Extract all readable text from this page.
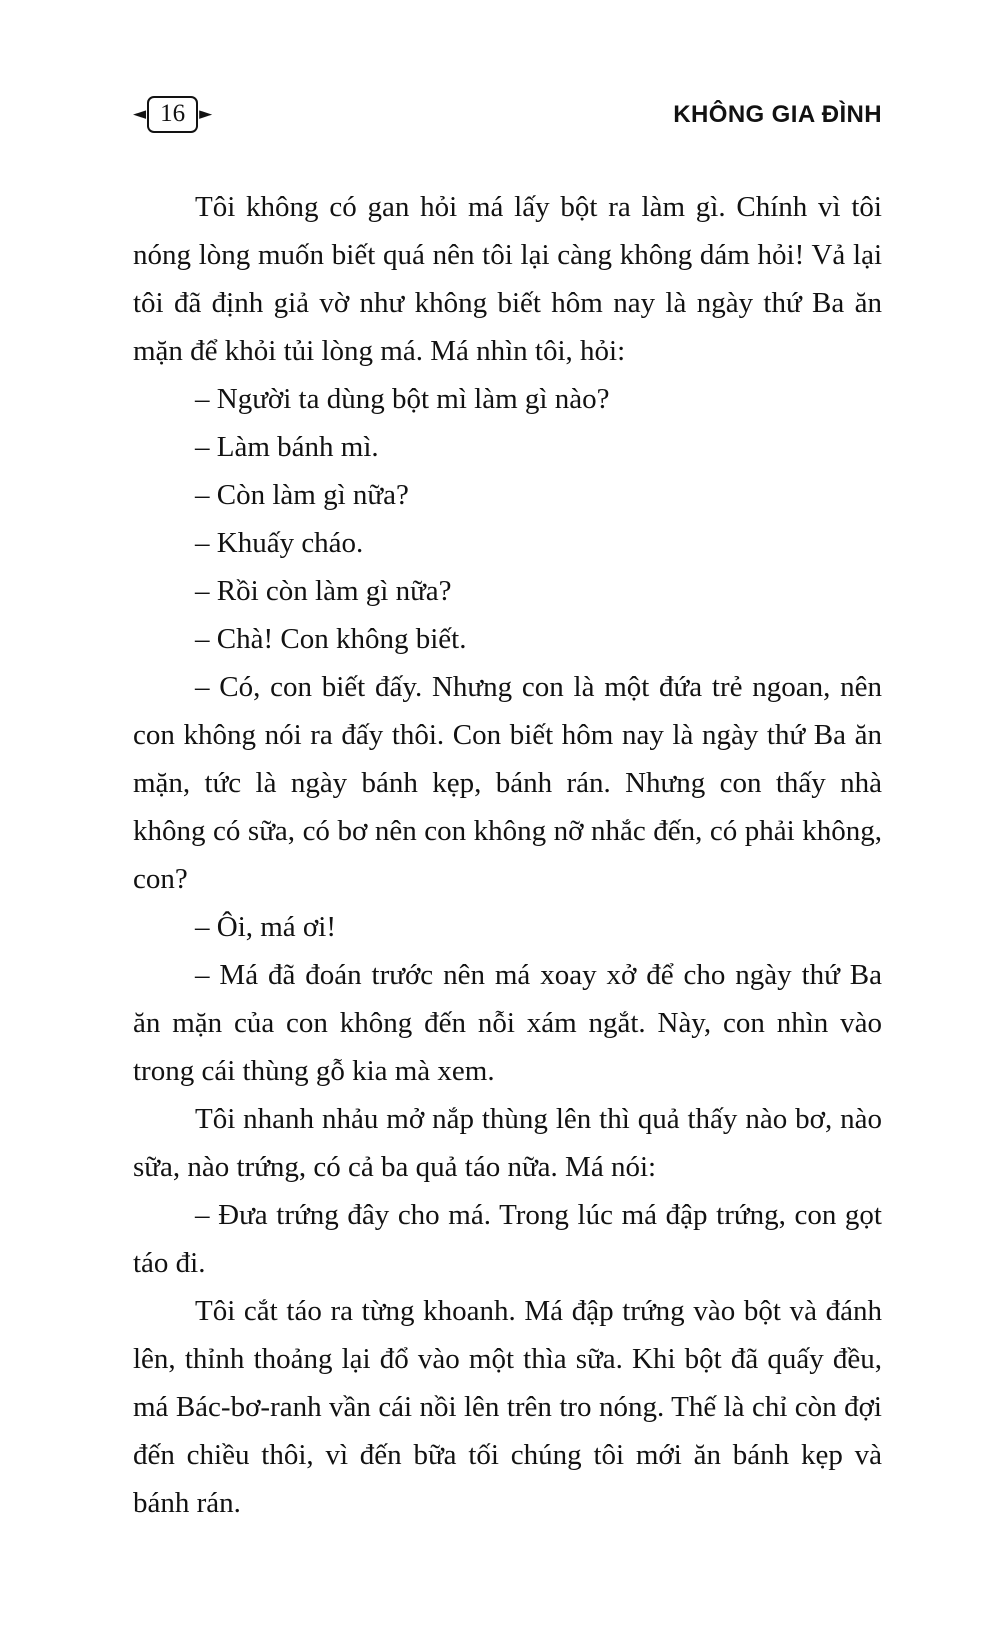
◄ 16 ►	KHÔNG GIA ĐÌNH

Tôi không có gan hỏi má lấy bột ra làm gì. Chính vì tôi nóng lòng muốn biết quá nên tôi lại càng không dám hỏi! Vả lại tôi đã định giả vờ như không biết hôm nay là ngày thứ Ba ăn mặn để khỏi tủi lòng má. Má nhìn tôi, hỏi:

– Người ta dùng bột mì làm gì nào?

– Làm bánh mì.

– Còn làm gì nữa?

– Khuấy cháo.

– Rồi còn làm gì nữa?

– Chà! Con không biết.

– Có, con biết đấy. Nhưng con là một đứa trẻ ngoan, nên con không nói ra đấy thôi. Con biết hôm nay là ngày thứ Ba ăn mặn, tức là ngày bánh kẹp, bánh rán. Nhưng con thấy nhà không có sữa, có bơ nên con không nỡ nhắc đến, có phải không, con?

– Ôi, má ơi!

– Má đã đoán trước nên má xoay xở để cho ngày thứ Ba ăn mặn của con không đến nỗi xám ngắt. Này, con nhìn vào trong cái thùng gỗ kia mà xem.

Tôi nhanh nhảu mở nắp thùng lên thì quả thấy nào bơ, nào sữa, nào trứng, có cả ba quả táo nữa. Má nói:

– Đưa trứng đây cho má. Trong lúc má đập trứng, con gọt táo đi.

Tôi cắt táo ra từng khoanh. Má đập trứng vào bột và đánh lên, thỉnh thoảng lại đổ vào một thìa sữa. Khi bột đã quấy đều, má Bác-bơ-ranh vần cái nồi lên trên tro nóng. Thế là chỉ còn đợi đến chiều thôi, vì đến bữa tối chúng tôi mới ăn bánh kẹp và bánh rán.
